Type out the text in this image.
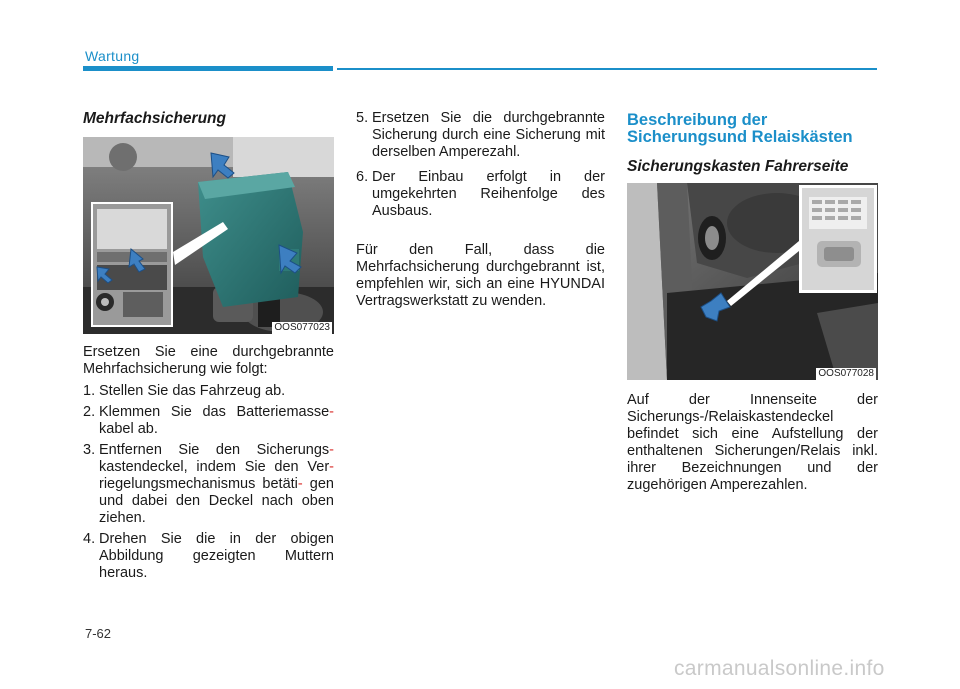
Wartung
Mehrfachsicherung
OOS077023

Ersetzen Sie eine durchgebrannte Mehrfachsicherung wie folgt:

1. Stellen Sie das Fahrzeug ab.
2. Klemmen Sie das Batteriemasse- kabel ab.
3. Entfernen Sie den Sicherungs- kastendeckel, indem Sie den Ver- riegelungsmechanismus betäti- gen und dabei den Deckel nach oben ziehen.
4. Drehen Sie die in der obigen Abbildung gezeigten Muttern heraus.
5. Ersetzen Sie die durchgebrannte Sicherung durch eine Sicherung mit derselben Amperezahl.
6. Der Einbau erfolgt in der umgekehrten Reihenfolge des Ausbaus.

Für den Fall, dass die Mehrfachsicherung durchgebrannt ist, empfehlen wir, sich an eine HYUNDAI Vertragswerkstatt zu wenden.

Beschreibung der Sicherungsund Relaiskästen
Sicherungskasten Fahrerseite
OOS077028

Auf der Innenseite der Sicherungs-/Relaiskastendeckel befindet sich eine Aufstellung der enthaltenen Sicherungen/Relais inkl. ihrer Bezeichnungen und der zugehörigen Amperezahlen.

7-62
carmanualsonline.info
